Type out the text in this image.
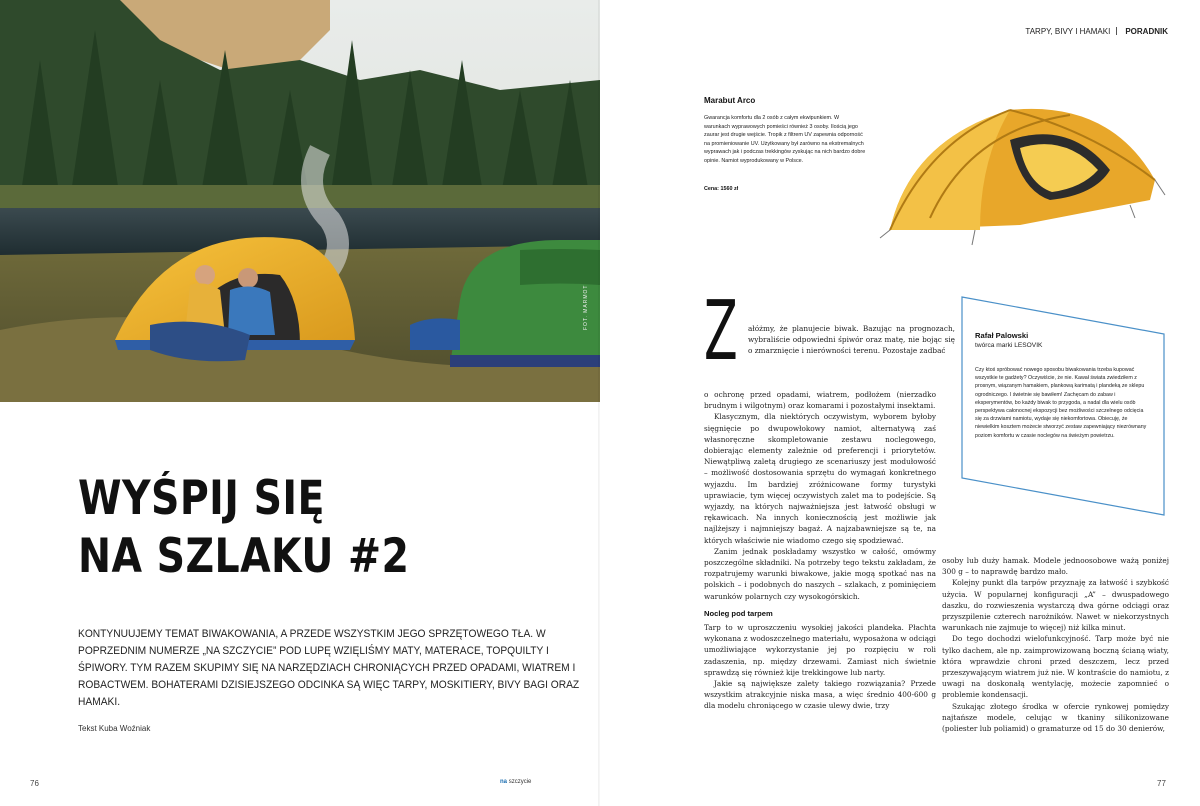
FOT. MARMOT
WYŚPIJ SIĘ
NA SZLAKU #2
KONTYNUUJEMY TEMAT BIWAKOWANIA, A PRZEDE WSZYSTKIM JEGO SPRZĘTOWEGO TŁA. W POPRZEDNIM NUMERZE „NA SZCZYCIE” POD LUPĘ WZIĘLIŚMY MATY, MATERACE, TOPQUILTY I ŚPIWORY. TYM RAZEM SKUPIMY SIĘ NA NARZĘDZIACH CHRONIĄCYCH PRZED OPADAMI, WIATREM I ROBACTWEM. BOHATERAMI DZISIEJSZEGO ODCINKA SĄ WIĘC TARPY, MOSKITIERY, BIVY BAGI ORAZ HAMAKI.
Tekst Kuba Woźniak
76	na szczycie
TARPY, BIVY I HAMAKI PORADNIK
Marabut Arco
Gwarancja komfortu dla 2 osób z całym ekwipunkiem. W warunkach wyprawowych pomieści również 3 osoby. Ilością jego zaurar jest drugie wejście. Tropik z filtrem UV zapewnia odporność na promieniowanie UV. Użytkowany był zarówno na ekstremalnych wyprawach jak i podczas trekkingów zyskując na nich bardzo dobre opinie. Namiot wyprodukowany w Polsce.
Cena: 1560 zł
Z ałóżmy, że planujecie biwak. Bazując na prognozach, wybraliście odpowiedni śpiwór oraz matę, nie bojąc się o zmarznięcie i nierówności terenu. Pozostaje zadbać

o ochronę przed opadami, wiatrem, podłożem (nierzadko brudnym i wilgotnym) oraz komarami i pozostałymi insektami.

Klasycznym, dla niektórych oczywistym, wyborem byłoby sięgnięcie po dwupowłokowy namiot, alternatywą zaś własnoręczne skompletowanie zestawu noclegowego, dobierając elementy zależnie od preferencji i priorytetów. Niewątpliwą zaletą drugiego ze scenariuszy jest modułowość – możliwość dostosowania sprzętu do wymagań konkretnego wyjazdu. Im bardziej zróżnicowane formy turystyki uprawiacie, tym więcej oczywistych zalet ma to podejście. Są wyjazdy, na których najważniejsza jest łatwość obsługi w rękawicach. Na innych koniecznością jest możliwie jak najlżejszy i najmniejszy bagaż. A najzabawniejsze są te, na których właściwie nie wiadomo czego się spodziewać.

Zanim jednak poskładamy wszystko w całość, omówmy poszczególne składniki. Na potrzeby tego tekstu zakładam, że rozpatrujemy warunki biwakowe, jakie mogą spotkać nas na polskich – i podobnych do naszych – szlakach, z pominięciem warunków polarnych czy wysokogórskich.

Nocleg pod tarpem

Tarp to w uproszczeniu wysokiej jakości plandeka. Płachta wykonana z wodoszczelnego materiału, wyposażona w odciągi umożliwiające wykorzystanie jej po rozpięciu w roli zadaszenia, np. między drzewami. Zamiast nich świetnie sprawdzą się również kije trekkingowe lub narty.

Jakie są największe zalety takiego rozwiązania? Przede wszystkim atrakcyjnie niska masa, a więc średnio 400-600 g dla modelu chroniącego w czasie ulewy dwie, trzy

osoby lub duży hamak. Modele jednoosobowe ważą poniżej 300 g – to naprawdę bardzo mało.

Kolejny punkt dla tarpów przyznaję za łatwość i szybkość użycia. W popularnej konfiguracji „A” – dwuspadowego daszku, do rozwieszenia wystarczą dwa górne odciągi oraz przyszpilenie czterech narożników. Nawet w niekorzystnych warunkach nie zajmuje to więcej) niż kilka minut.

Do tego dochodzi wielofunkcyjność. Tarp może być nie tylko dachem, ale np. zaimprowizowaną boczną ścianą wiaty, która wprawdzie chroni przed deszczem, lecz przed przeszywającym wiatrem już nie. W kontraście do namiotu, z uwagi na doskonałą wentylację, możecie zapomnieć o problemie kondensacji.

Szukając złotego środka w ofercie rynkowej pomiędzy najtańsze modele, celując w tkaniny silikonizowane (poliester lub poliamid) o gramaturze od 15 do 30 denierów,

Rafał Palowski
twórca marki LESOVIK
Czy ktoś spróbować nowego sposobu biwakowania trzeba kupować wszystkie te gadżety? Oczywiście, że nie. Kawał świata zwiedziłem z prosnym, wiązanym hamakiem, plankową karimatą i plandeką ze sklepu ogrodniczego. I świetnie się bawiłem! Zachęcam do zabaw i eksperymentów, bo każdy biwak to przygoda, a nadal dla wielu osób perspektywa całonocnej ekspozycji bez możliwości szczelnego odcięcia się za drzwiami namiotu, wydaje się niekomfortowa. Obiecuję, że niewielkim kosztem możecie stworzyć zestaw zapewniający niezrównany poziom komfortu w czasie noclegów na świeżym powietrzu.
77
